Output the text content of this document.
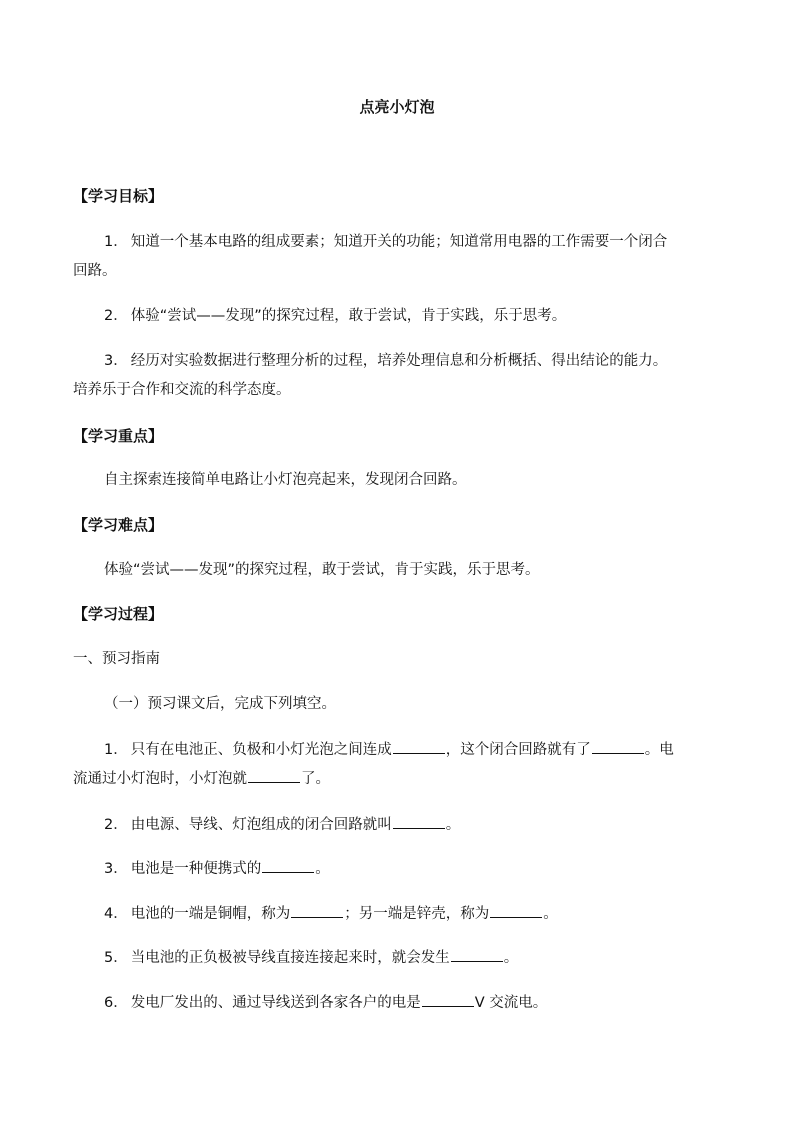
点亮小灯泡
【学习目标】
1． 知道一个基本电路的组成要素；知道开关的功能；知道常用电器的工作需要一个闭合
回路。
2． 体验“尝试——发现”的探究过程，敢于尝试，肯于实践，乐于思考。
3． 经历对实验数据进行整理分析的过程，培养处理信息和分析概括、得出结论的能力。
培养乐于合作和交流的科学态度。
【学习重点】
自主探索连接简单电路让小灯泡亮起来，发现闭合回路。
【学习难点】
体验“尝试——发现”的探究过程，敢于尝试，肯于实践，乐于思考。
【学习过程】
一、预习指南
（一）预习课文后，完成下列填空。
1． 只有在电池正、负极和小灯光泡之间连成	，这个闭合回路就有了	。电
流通过小灯泡时，小灯泡就	了。
2． 由电源、导线、灯泡组成的闭合回路就叫	。
3． 电池是一种便携式的	。
4． 电池的一端是铜帽，称为	；另一端是锌壳，称为	。
5． 当电池的正负极被导线直接连接起来时，就会发生	。
6． 发电厂发出的、通过导线送到各家各户的电是	V 交流电。
